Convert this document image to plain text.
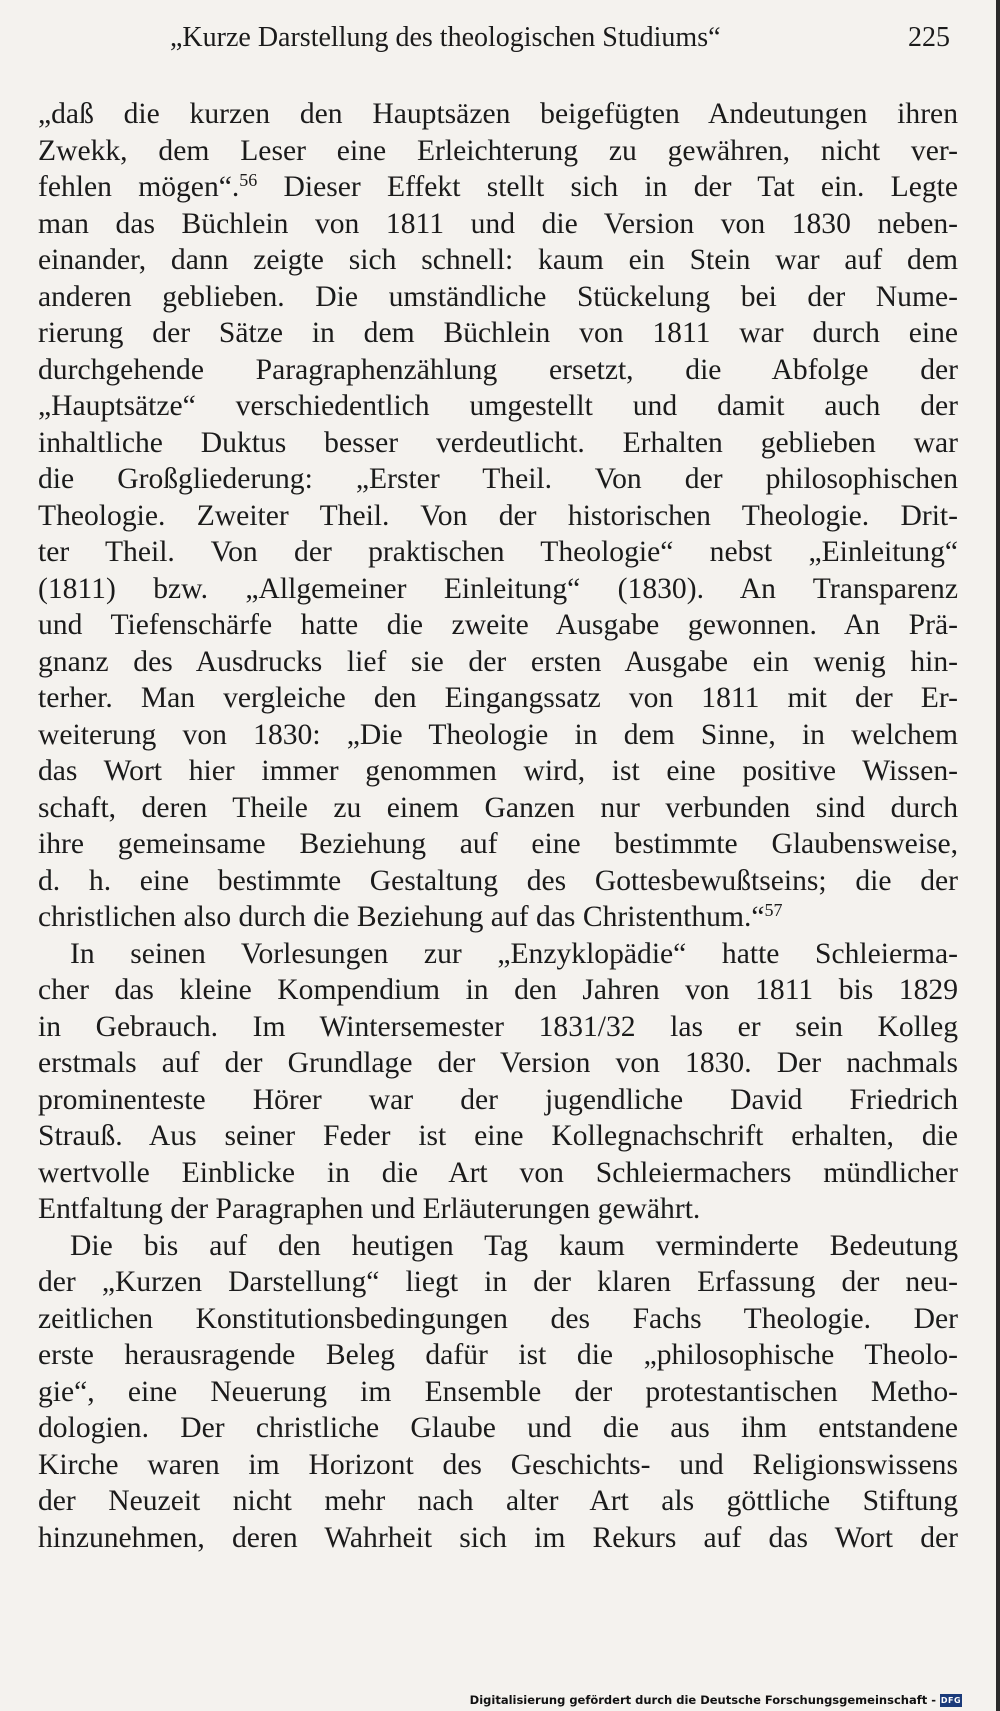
„Kurze Darstellung des theologischen Studiums“	225
„daß die kurzen den Hauptsäzen beigefügten Andeutungen ihren
Zwekk, dem Leser eine Erleichterung zu gewähren, nicht ver-
fehlen mögen“.$^{56}$ Dieser Effekt stellt sich in der Tat ein. Legte
man das Büchlein von 1811 und die Version von 1830 neben-
einander, dann zeigte sich schnell: kaum ein Stein war auf dem
anderen geblieben. Die umständliche Stückelung bei der Nume-
rierung der Sätze in dem Büchlein von 1811 war durch eine
durchgehende Paragraphenzählung ersetzt, die Abfolge der
„Hauptsätze“ verschiedentlich umgestellt und damit auch der
inhaltliche Duktus besser verdeutlicht. Erhalten geblieben war
die Großgliederung: „Erster Theil. Von der philosophischen
Theologie. Zweiter Theil. Von der historischen Theologie. Drit-
ter Theil. Von der praktischen Theologie“ nebst „Einleitung“
(1811) bzw. „Allgemeiner Einleitung“ (1830). An Transparenz
und Tiefenschärfe hatte die zweite Ausgabe gewonnen. An Prä-
gnanz des Ausdrucks lief sie der ersten Ausgabe ein wenig hin-
terher. Man vergleiche den Eingangssatz von 1811 mit der Er-
weiterung von 1830: „Die Theologie in dem Sinne, in welchem
das Wort hier immer genommen wird, ist eine positive Wissen-
schaft, deren Theile zu einem Ganzen nur verbunden sind durch
ihre gemeinsame Beziehung auf eine bestimmte Glaubensweise,
d. h. eine bestimmte Gestaltung des Gottesbewußtseins; die der
christlichen also durch die Beziehung auf das Christenthum.“$^{57}$
In seinen Vorlesungen zur „Enzyklopädie“ hatte Schleierma-
cher das kleine Kompendium in den Jahren von 1811 bis 1829
in Gebrauch. Im Wintersemester 1831/32 las er sein Kolleg
erstmals auf der Grundlage der Version von 1830. Der nachmals
prominenteste Hörer war der jugendliche David Friedrich
Strauß. Aus seiner Feder ist eine Kollegnachschrift erhalten, die
wertvolle Einblicke in die Art von Schleiermachers mündlicher
Entfaltung der Paragraphen und Erläuterungen gewährt.
Die bis auf den heutigen Tag kaum verminderte Bedeutung
der „Kurzen Darstellung“ liegt in der klaren Erfassung der neu-
zeitlichen Konstitutionsbedingungen des Fachs Theologie. Der
erste herausragende Beleg dafür ist die „philosophische Theolo-
gie“, eine Neuerung im Ensemble der protestantischen Metho-
dologien. Der christliche Glaube und die aus ihm entstandene
Kirche waren im Horizont des Geschichts- und Religionswissens
der Neuzeit nicht mehr nach alter Art als göttliche Stiftung
hinzunehmen, deren Wahrheit sich im Rekurs auf das Wort der
Digitalisierung gefördert durch die Deutsche Forschungsgemeinschaft - DFG
